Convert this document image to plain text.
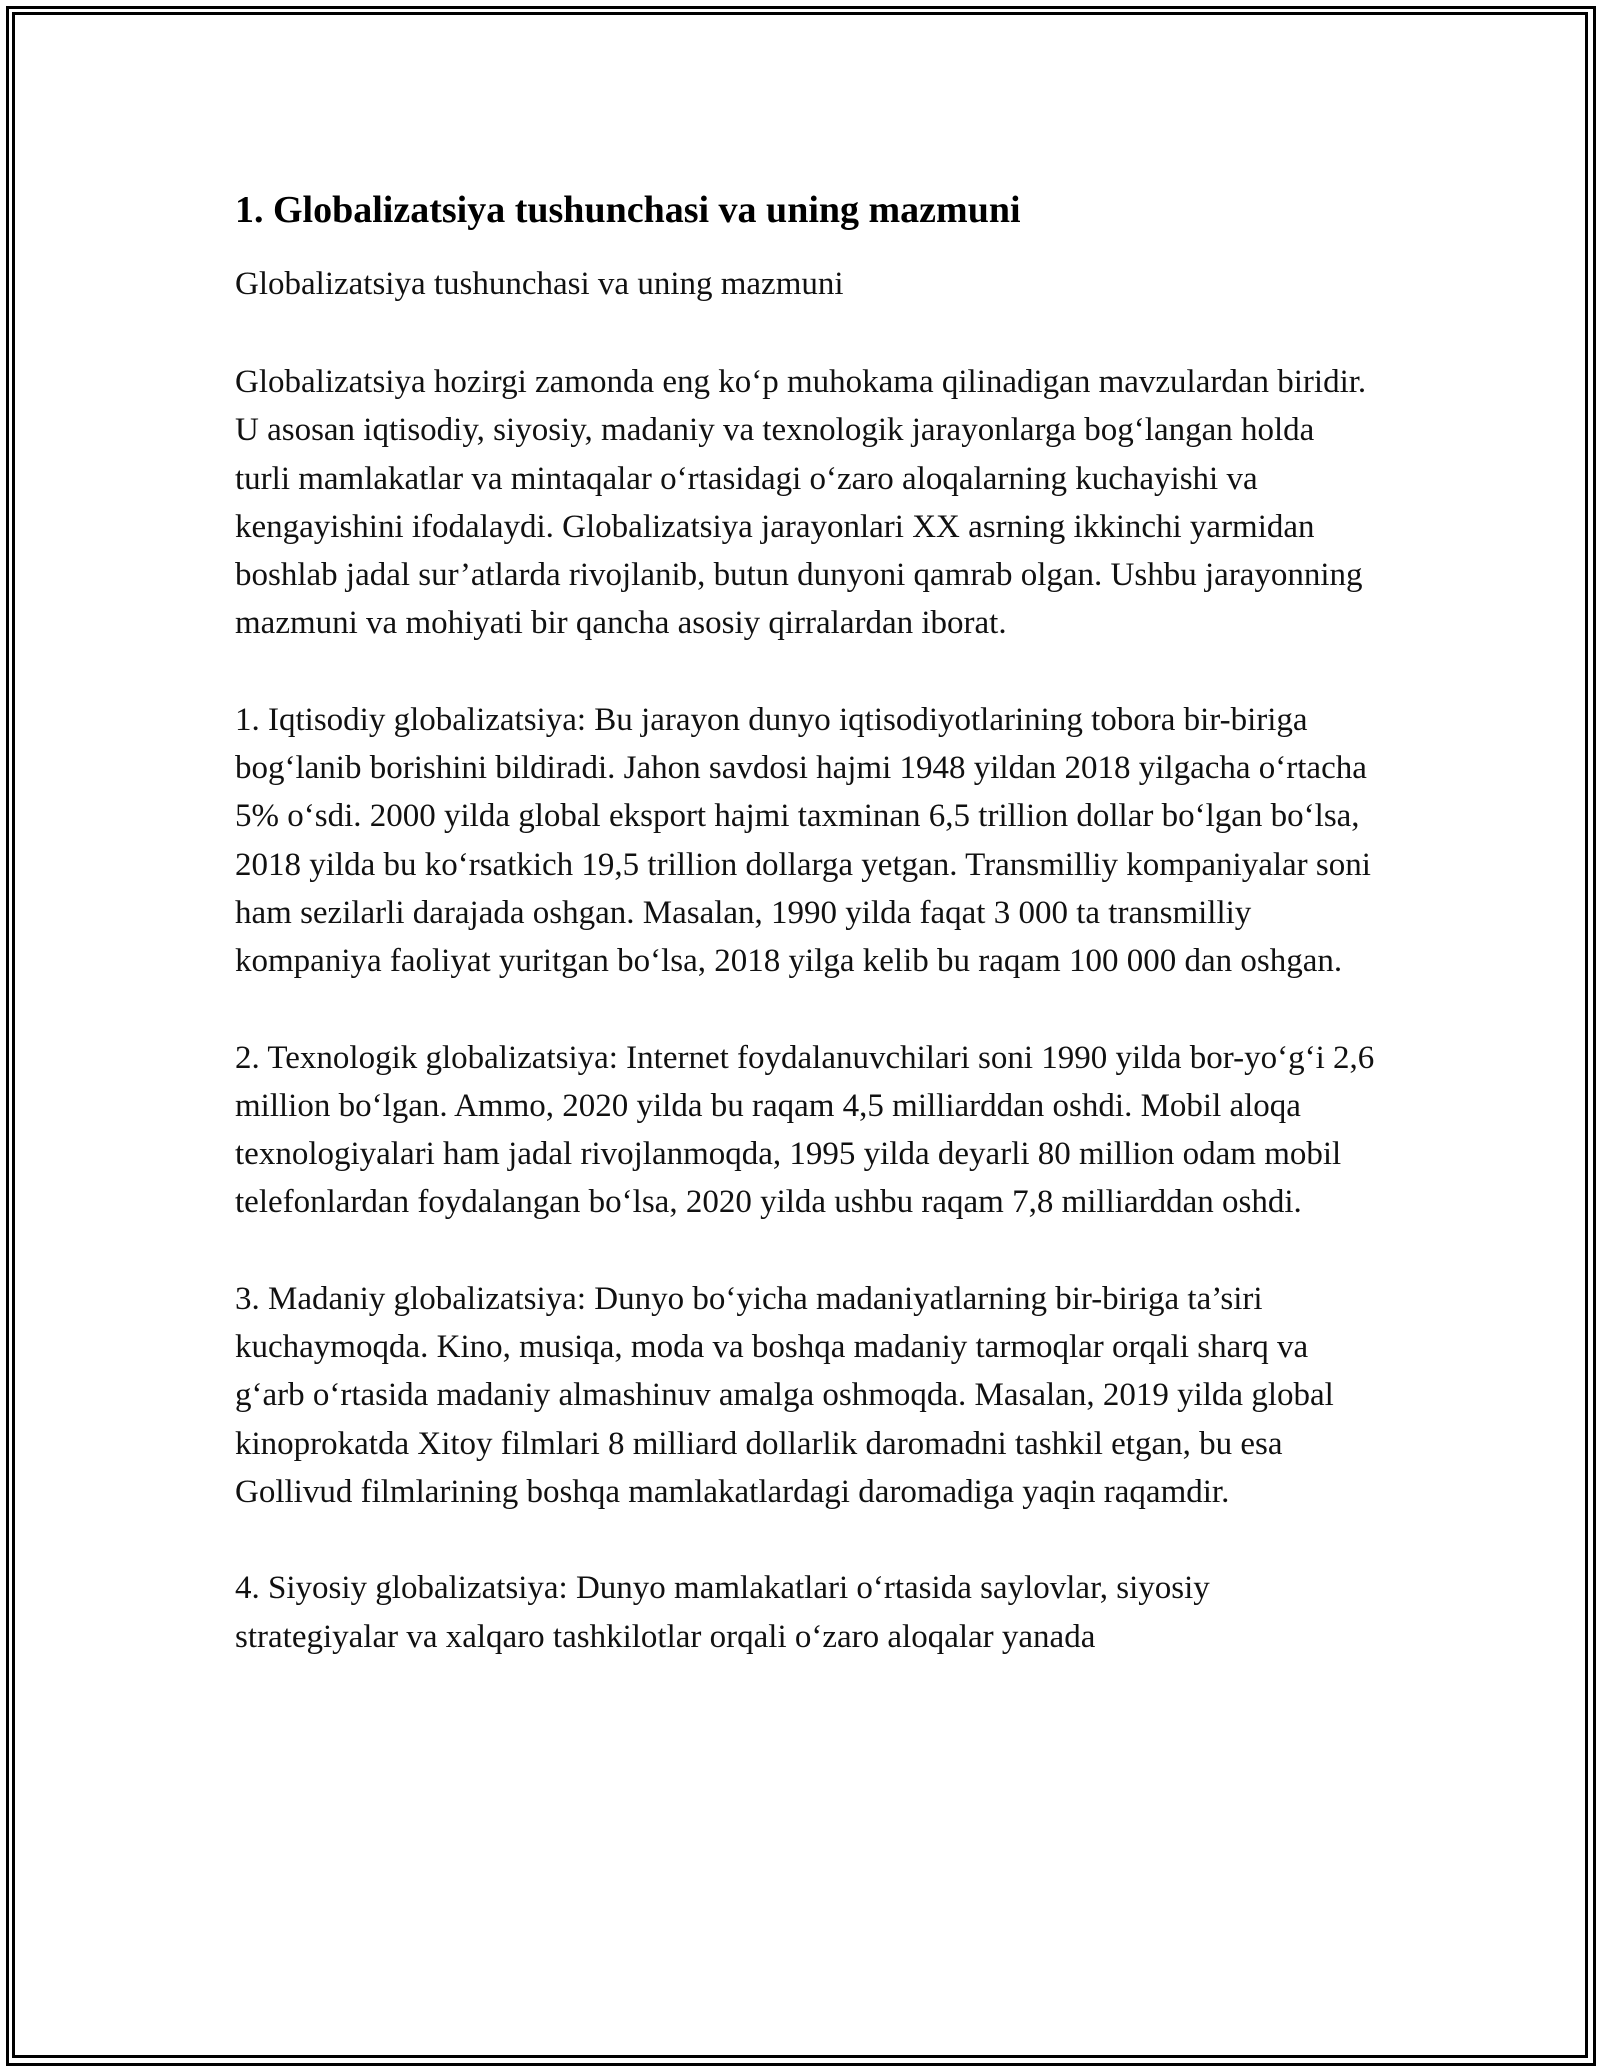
1. Globalizatsiya tushunchasi va uning mazmuni

Globalizatsiya tushunchasi va uning mazmuni

Globalizatsiya hozirgi zamonda eng ko‘p muhokama qilinadigan mavzulardan biridir. U asosan iqtisodiy, siyosiy, madaniy va texnologik jarayonlarga bog‘langan holda turli mamlakatlar va mintaqalar o‘rtasidagi o‘zaro aloqalarning kuchayishi va kengayishini ifodalaydi. Globalizatsiya jarayonlari XX asrning ikkinchi yarmidan boshlab jadal sur’atlarda rivojlanib, butun dunyoni qamrab olgan. Ushbu jarayonning mazmuni va mohiyati bir qancha asosiy qirralardan iborat.

1. Iqtisodiy globalizatsiya: Bu jarayon dunyo iqtisodiyotlarining tobora bir-biriga bog‘lanib borishini bildiradi. Jahon savdosi hajmi 1948 yildan 2018 yilgacha o‘rtacha 5% o‘sdi. 2000 yilda global eksport hajmi taxminan 6,5 trillion dollar bo‘lgan bo‘lsa, 2018 yilda bu ko‘rsatkich 19,5 trillion dollarga yetgan. Transmilliy kompaniyalar soni ham sezilarli darajada oshgan. Masalan, 1990 yilda faqat 3 000 ta transmilliy kompaniya faoliyat yuritgan bo‘lsa, 2018 yilga kelib bu raqam 100 000 dan oshgan.

2. Texnologik globalizatsiya: Internet foydalanuvchilari soni 1990 yilda bor-yo‘g‘i 2,6 million bo‘lgan. Ammo, 2020 yilda bu raqam 4,5 milliarddan oshdi. Mobil aloqa texnologiyalari ham jadal rivojlanmoqda, 1995 yilda deyarli 80 million odam mobil telefonlardan foydalangan bo‘lsa, 2020 yilda ushbu raqam 7,8 milliarddan oshdi.

3. Madaniy globalizatsiya: Dunyo bo‘yicha madaniyatlarning bir-biriga ta’siri kuchaymoqda. Kino, musiqa, moda va boshqa madaniy tarmoqlar orqali sharq va g‘arb o‘rtasida madaniy almashinuv amalga oshmoqda. Masalan, 2019 yilda global kinoprokatda Xitoy filmlari 8 milliard dollarlik daromadni tashkil etgan, bu esa Gollivud filmlarining boshqa mamlakatlardagi daromadiga yaqin raqamdir.

4. Siyosiy globalizatsiya: Dunyo mamlakatlari o‘rtasida saylovlar, siyosiy strategiyalar va xalqaro tashkilotlar orqali o‘zaro aloqalar yanada
